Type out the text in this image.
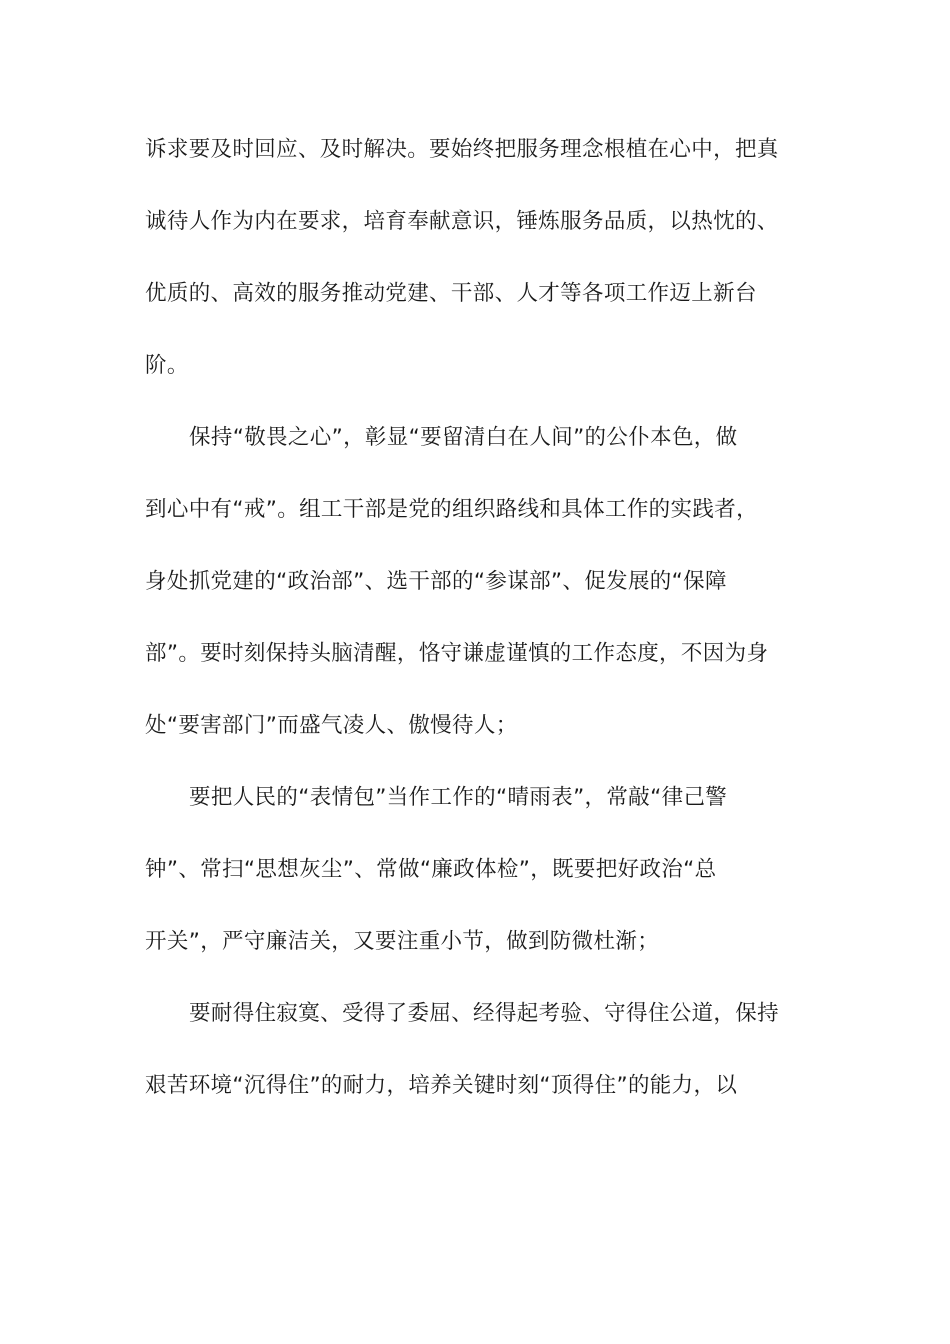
诉求要及时回应、及时解决。要始终把服务理念根植在心中，把真
诚待人作为内在要求，培育奉献意识，锤炼服务品质，以热忱的、
优质的、高效的服务推动党建、干部、人才等各项工作迈上新台
阶。
保持“敬畏之心”，彰显“要留清白在人间”的公仆本色，做
到心中有“戒”。组工干部是党的组织路线和具体工作的实践者，
身处抓党建的“政治部”、选干部的“参谋部”、促发展的“保障
部”。要时刻保持头脑清醒，恪守谦虚谨慎的工作态度，不因为身
处“要害部门”而盛气凌人、傲慢待人；
要把人民的“表情包”当作工作的“晴雨表”，常敲“律己警
钟”、常扫“思想灰尘”、常做“廉政体检”，既要把好政治“总
开关”，严守廉洁关，又要注重小节，做到防微杜渐；
要耐得住寂寞、受得了委屈、经得起考验、守得住公道，保持
艰苦环境“沉得住”的耐力，培养关键时刻“顶得住”的能力，以
